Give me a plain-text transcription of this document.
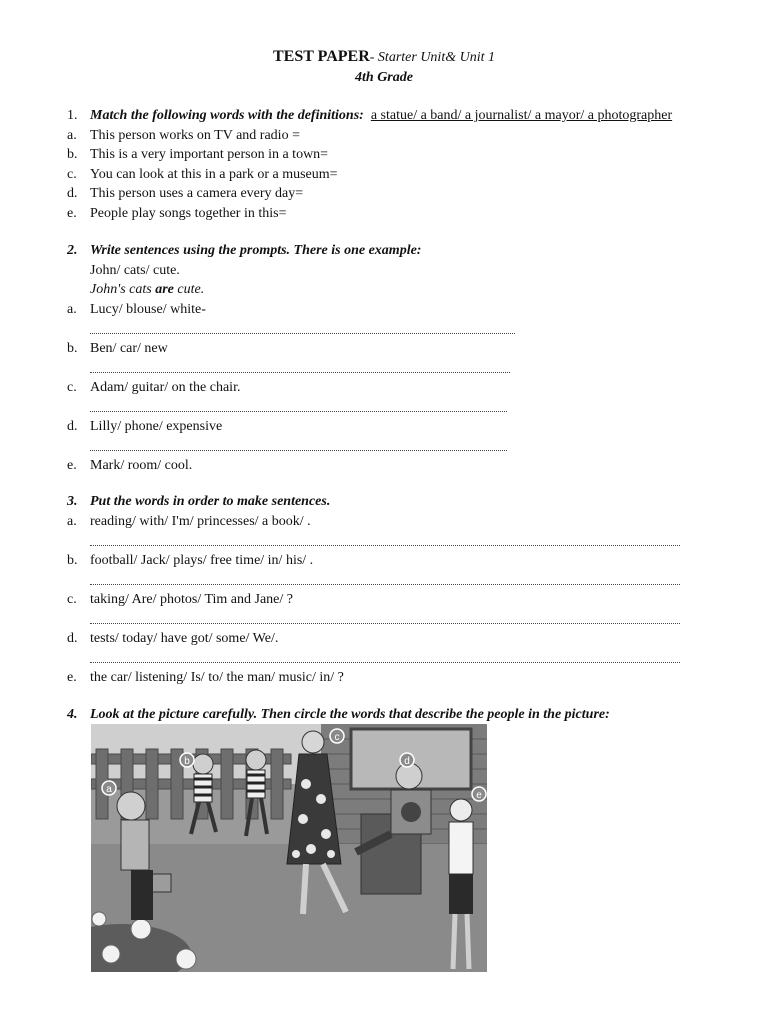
TEST PAPER- Starter Unit& Unit 1
4th Grade
1. Match the following words with the definitions: a statue/ a band/ a journalist/ a mayor/ a photographer
a. This person works on TV and radio =
b. This is a very important person in a town=
c. You can look at this in a park or a museum=
d. This person uses a camera every day=
e. People play songs together in this=
2. Write sentences using the prompts. There is one example:
John/ cats/ cute.
John's cats are cute.
a. Lucy/ blouse/ white-
b. Ben/ car/ new
c. Adam/ guitar/ on the chair.
d. Lilly/ phone/ expensive
e. Mark/ room/ cool.
3. Put the words in order to make sentences.
a. reading/ with/ I'm/ princesses/ a book/ .
b. football/ Jack/ plays/ free time/ in/ his/ .
c. taking/ Are/ photos/ Tim and Jane/ ?
d. tests/ today/ have got/ some/ We/.
e. the car/ listening/ Is/ to/ the man/ music/ in/ ?
4. Look at the picture carefully. Then circle the words that describe the people in the picture:
a
b
c
d
e
